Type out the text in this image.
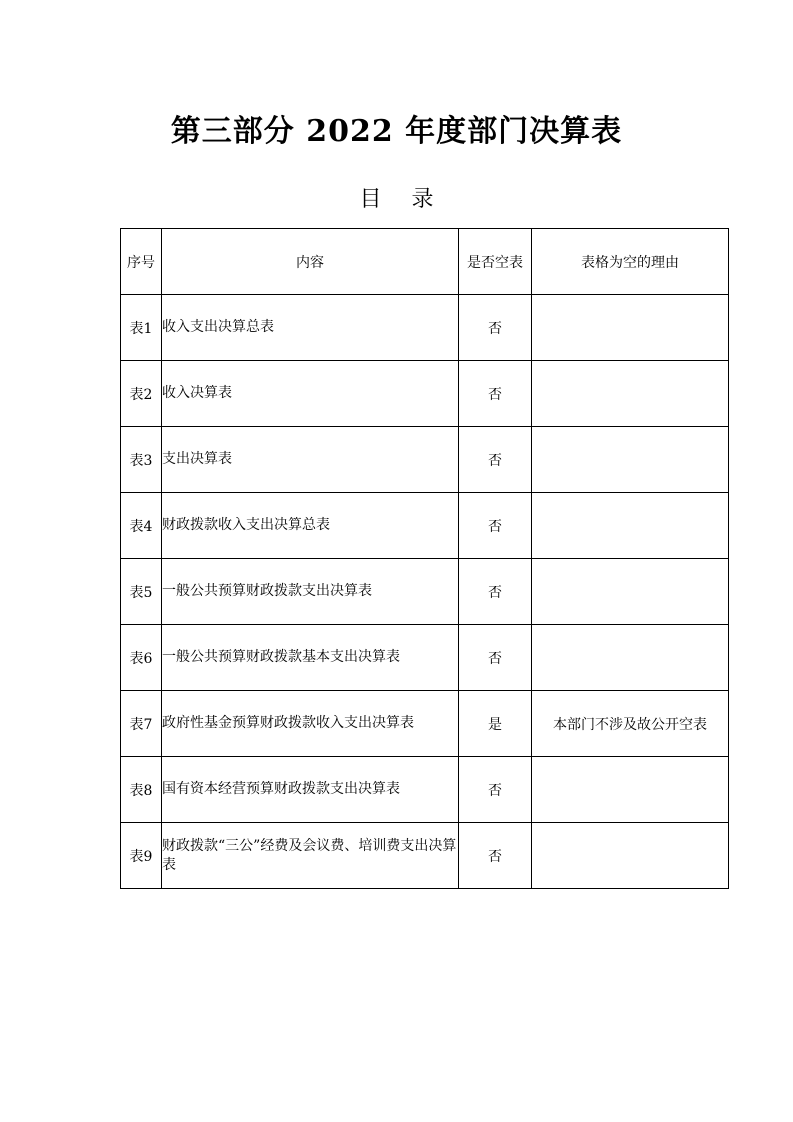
第三部分 2022 年度部门决算表
目录
序号	内容	是否空表	表格为空的理由
表1	收入支出决算总表	否	
表2	收入决算表	否	
表3	支出决算表	否	
表4	财政拨款收入支出决算总表	否	
表5	一般公共预算财政拨款支出决算表	否	
表6	一般公共预算财政拨款基本支出决算表	否	
表7	政府性基金预算财政拨款收入支出决算表	是	本部门不涉及故公开空表
表8	国有资本经营预算财政拨款支出决算表	否	
表9	财政拨款“三公”经费及会议费、培训费支出决算表	否	
